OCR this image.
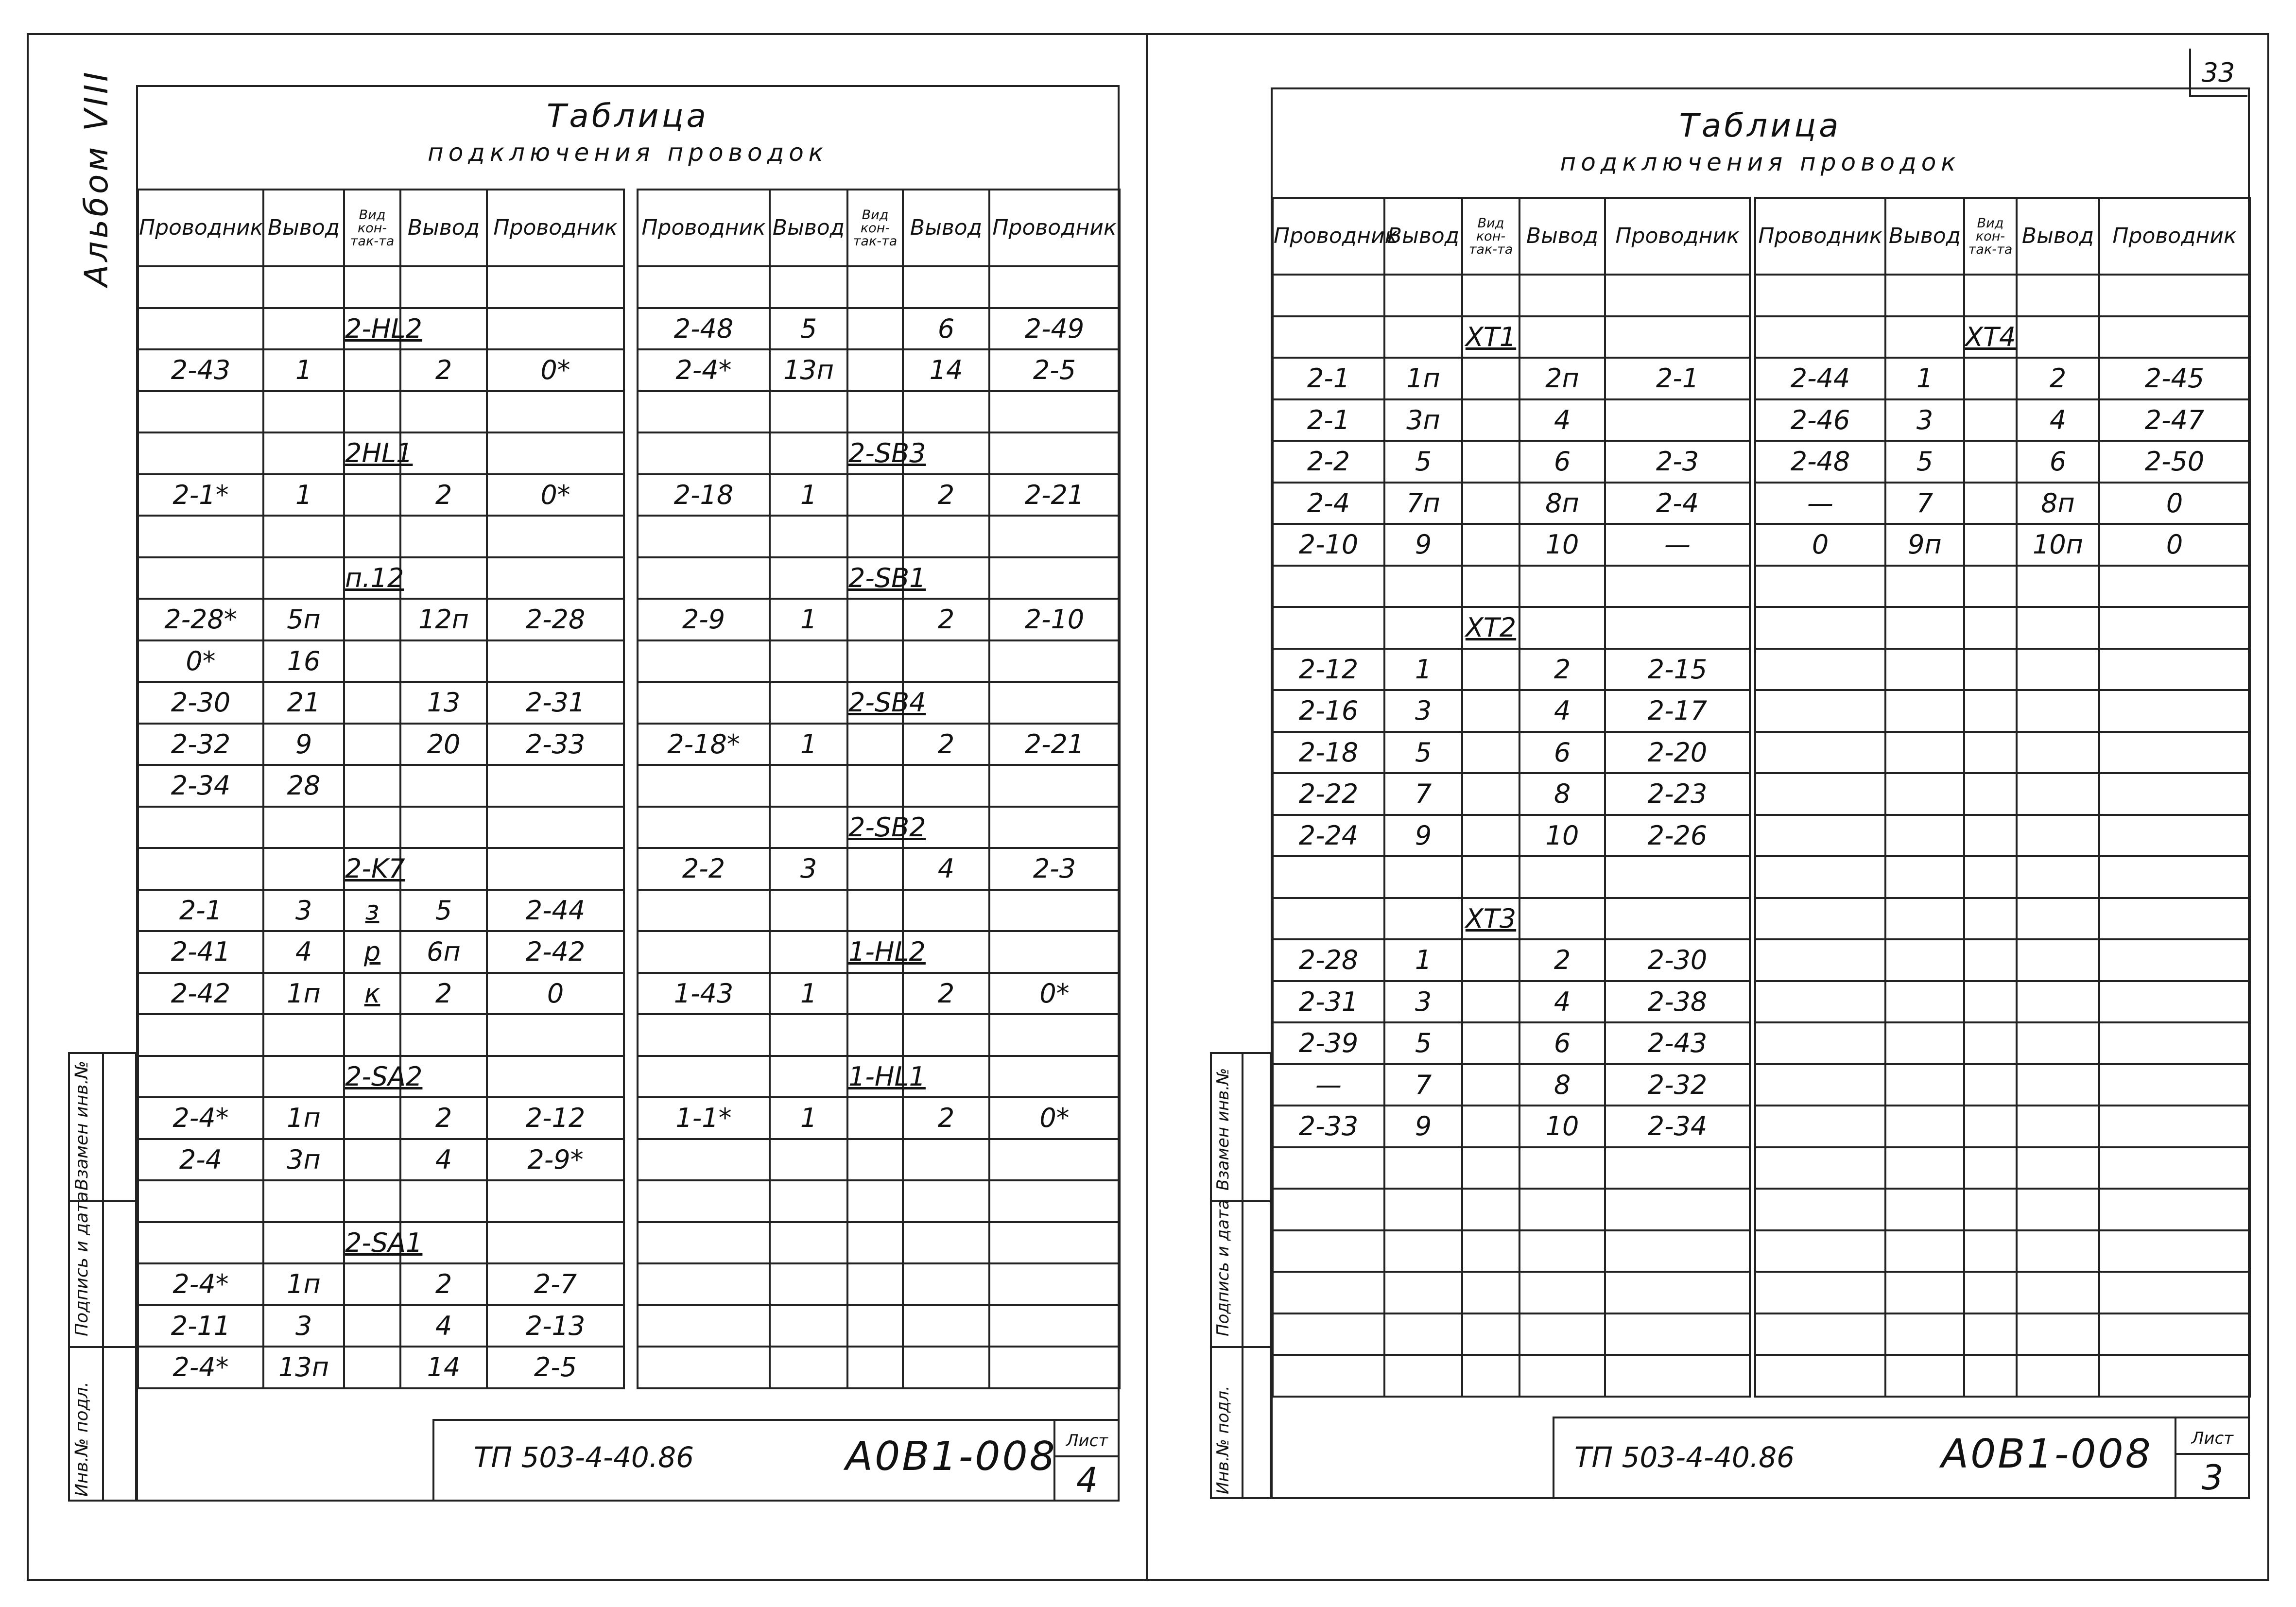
33
Альбом VIII	Таблица
подключения проводок
Проводник	Вывод	Вид кон-так-та	Вывод	Проводник

		2-HL2		
2-43	1		2	0*

		2HL1		
2-1*	1		2	0*

		п.12		
2-28*	5п		12п	2-28
0*	16			
2-30	21		13	2-31
2-32	9		20	2-33
2-34	28			

		2-K7		
2-1	3	з	5	2-44
2-41	4	р	6п	2-42
2-42	1п	к	2	0

		2-SA2		
2-4*	1п		2	2-12
2-4	3п		4	2-9*

		2-SA1		
2-4*	1п		2	2-7
2-11	3		4	2-13
2-4*	13п		14	2-5
Проводник	Вывод	Вид кон-так-та	Вывод	Проводник

2-48	5		6	2-49
2-4*	13п		14	2-5

		2-SB3		
2-18	1		2	2-21

		2-SB1		
2-9	1		2	2-10

		2-SB4		
2-18*	1		2	2-21

		2-SB2		
2-2	3		4	2-3

		1-HL2		
1-43	1		2	0*

		1-HL1		
1-1*	1		2	0*

Взамен инв.№
Подпись и дата
Инв.№ подл.	ТП 503-4-40.86	А0В1-008 Лист
4
Таблица
подключения проводок
Проводник	Вывод	Вид кон-так-та	Вывод	Проводник

		XT1		
2-1	1п		2п	2-1
2-1	3п		4	
2-2	5		6	2-3
2-4	7п		8п	2-4
2-10	9		10	—

		XT2		
2-12	1		2	2-15
2-16	3		4	2-17
2-18	5		6	2-20
2-22	7		8	2-23
2-24	9		10	2-26

		XT3		
2-28	1		2	2-30
2-31	3		4	2-38
2-39	5		6	2-43
—	7		8	2-32
2-33	9		10	2-34

Проводник	Вывод	Вид кон-так-та	Вывод	Проводник

		XT4		
2-44	1		2	2-45
2-46	3		4	2-47
2-48	5		6	2-50
—	7		8п	0
0	9п		10п	0

Взамен инв.№
Подпись и дата
Инв.№ подл.	ТП 503-4-40.86	А0В1-008	Лист
3
